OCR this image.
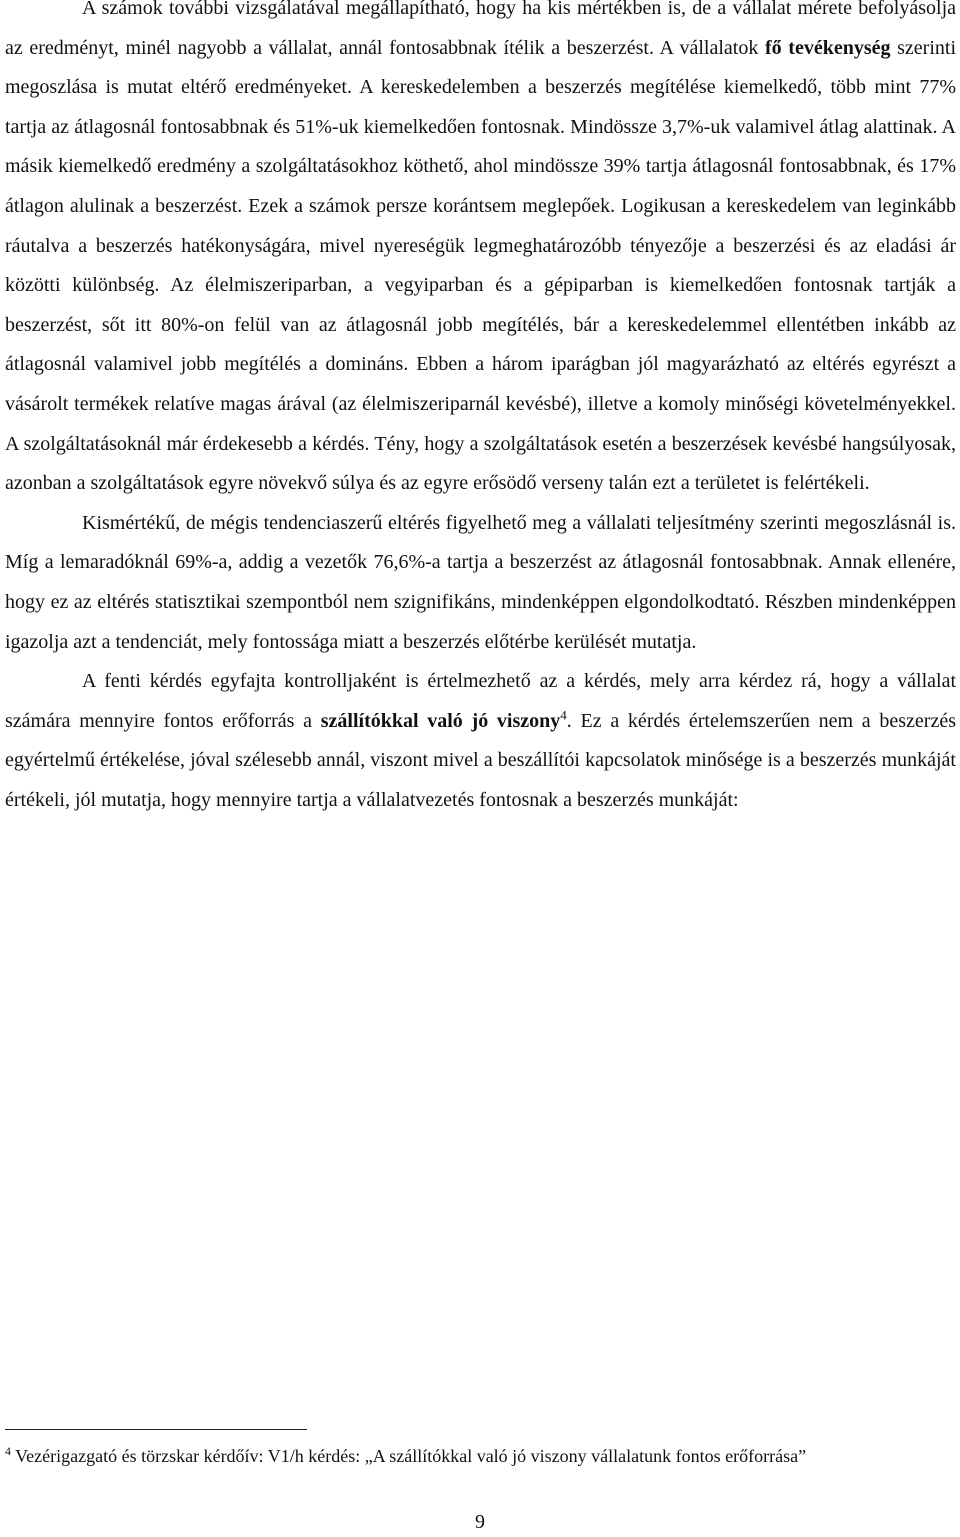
A számok további vizsgálatával megállapítható, hogy ha kis mértékben is, de a vállalat mérete befolyásolja az eredményt, minél nagyobb a vállalat, annál fontosabbnak ítélik a beszerzést. A vállalatok fő tevékenység szerinti megoszlása is mutat eltérő eredményeket. A kereskedelemben a beszerzés megítélése kiemelkedő, több mint 77% tartja az átlagosnál fontosabbnak és 51%-uk kiemelkedően fontosnak. Mindössze 3,7%-uk valamivel átlag alattinak. A másik kiemelkedő eredmény a szolgáltatásokhoz köthető, ahol mindössze 39% tartja átlagosnál fontosabbnak, és 17% átlagon alulinak a beszerzést. Ezek a számok persze korántsem meglepőek. Logikusan a kereskedelem van leginkább ráutalva a beszerzés hatékonyságára, mivel nyereségük legmeghatározóbb tényezője a beszerzési és az eladási ár közötti különbség. Az élelmiszeriparban, a vegyiparban és a gépiparban is kiemelkedően fontosnak tartják a beszerzést, sőt itt 80%-on felül van az átlagosnál jobb megítélés, bár a kereskedelemmel ellentétben inkább az átlagosnál valamivel jobb megítélés a domináns. Ebben a három iparágban jól magyarázható az eltérés egyrészt a vásárolt termékek relatíve magas árával (az élelmiszeriparnál kevésbé), illetve a komoly minőségi követelményekkel. A szolgáltatásoknál már érdekesebb a kérdés. Tény, hogy a szolgáltatások esetén a beszerzések kevésbé hangsúlyosak, azonban a szolgáltatások egyre növekvő súlya és az egyre erősödő verseny talán ezt a területet is felértékeli.

Kismértékű, de mégis tendenciaszerű eltérés figyelhető meg a vállalati teljesítmény szerinti megoszlásnál is. Míg a lemaradóknál 69%-a, addig a vezetők 76,6%-a tartja a beszerzést az átlagosnál fontosabbnak. Annak ellenére, hogy ez az eltérés statisztikai szempontból nem szignifikáns, mindenképpen elgondolkodtató. Részben mindenképpen igazolja azt a tendenciát, mely fontossága miatt a beszerzés előtérbe kerülését mutatja.

A fenti kérdés egyfajta kontrolljaként is értelmezhető az a kérdés, mely arra kérdez rá, hogy a vállalat számára mennyire fontos erőforrás a szállítókkal való jó viszony$^4$. Ez a kérdés értelemszerűen nem a beszerzés egyértelmű értékelése, jóval szélesebb annál, viszont mivel a beszállítói kapcsolatok minősége is a beszerzés munkáját értékeli, jól mutatja, hogy mennyire tartja a vállalatvezetés fontosnak a beszerzés munkáját:

$^4$ Vezérigazgató és törzskar kérdőív: V1/h kérdés: „A szállítókkal való jó viszony vállalatunk fontos erőforrása”
9
